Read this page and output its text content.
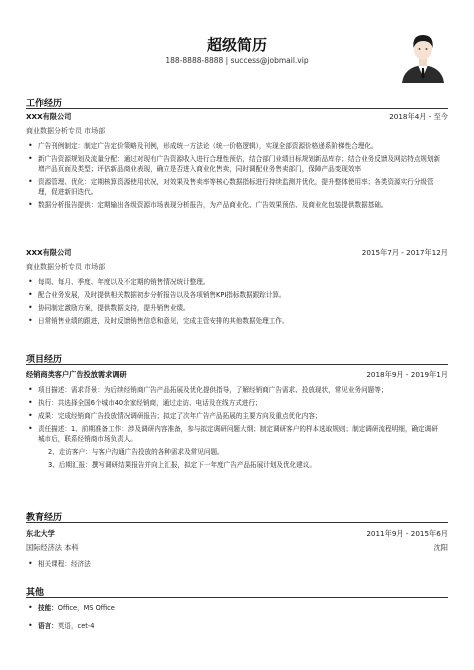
超级简历
188-8888-8888 | success@jobmail.vip
工作经历
XXX有限公司	2018年4月 - 至今
商业数据分析专员 市场部
• 广告刊例制定：制定广告定价策略及刊例，形成统一方法论（统一价格逻辑），实现全部资源价格递系阶梯性合理化。
• 新广告资源规划及流量分配：通过对现有广告资源收入进行合理性预估，结合部门业绩目标规划新品库存；结合业务反馈及网站特点规划新增产品页面及类型；评估新品商业表现，确立是否进入商业化售卖，同时调配业务售卖部门，保障产品变现效率
• 资源管理、优化：定期核算资源使用状况，对效果及售卖率等核心数据指标进行持续监测并优化，提升整体使用率；各类资源实行分级管理，促进新旧迭代。
• 数据分析报告提供：定期输出各级资源市场表现分析报告，为产品商业化、广告效果预估、及商业化包装提供数据基础。
XXX有限公司	2015年7月 - 2017年12月
商业数据分析专员 市场部
• 每周、每月、季度、年度以及不定期的销售情况统计整理。
• 配合业务发展，及时提供相关数据初步分析报告以及各项销售KPI指标数据跟踪计算。
• 协同制定激励方案，提供数据支持，提升销售业绩。
• 日常销售业绩的跟进，及时反馈销售信息和意见，完成主管安排的其他数据处理工作。
项目经历
经销商类客户广告投放需求调研	2018年9月 - 2019年1月
• 项目描述：需求背景：为后续经销商广告产品拓展及优化提供指导，了解经销商广告需求、投放现状，常见业务问题等；
• 执行：共选择全国6个城市40余家经销商，通过走访、电话及在线方式进行；
• 成果：完成经销商广告投放情况调研报告；拟定了次年广告产品拓展的主要方向及重点优化内容；
• 责任描述：1、前期准备工作：涉及调研内容准备，参与拟定调研问题大纲；制定调研客户的样本选取规则；制定调研流程明细，确定调研城市后，联系经销商市场负责人。
2、走访客户：与客户沟通广告投放的各种需求及常见问题。
3、后期汇报：撰写调研结果报告并向上汇报，拟定下一年度广告产品拓展计划及优化建议。
教育经历
东北大学	2011年9月 - 2015年6月
国际经济法 本科	沈阳
• 相关课程：经济法
其他
• 技能：Office，MS Office
• 语言：英语，cet-4
